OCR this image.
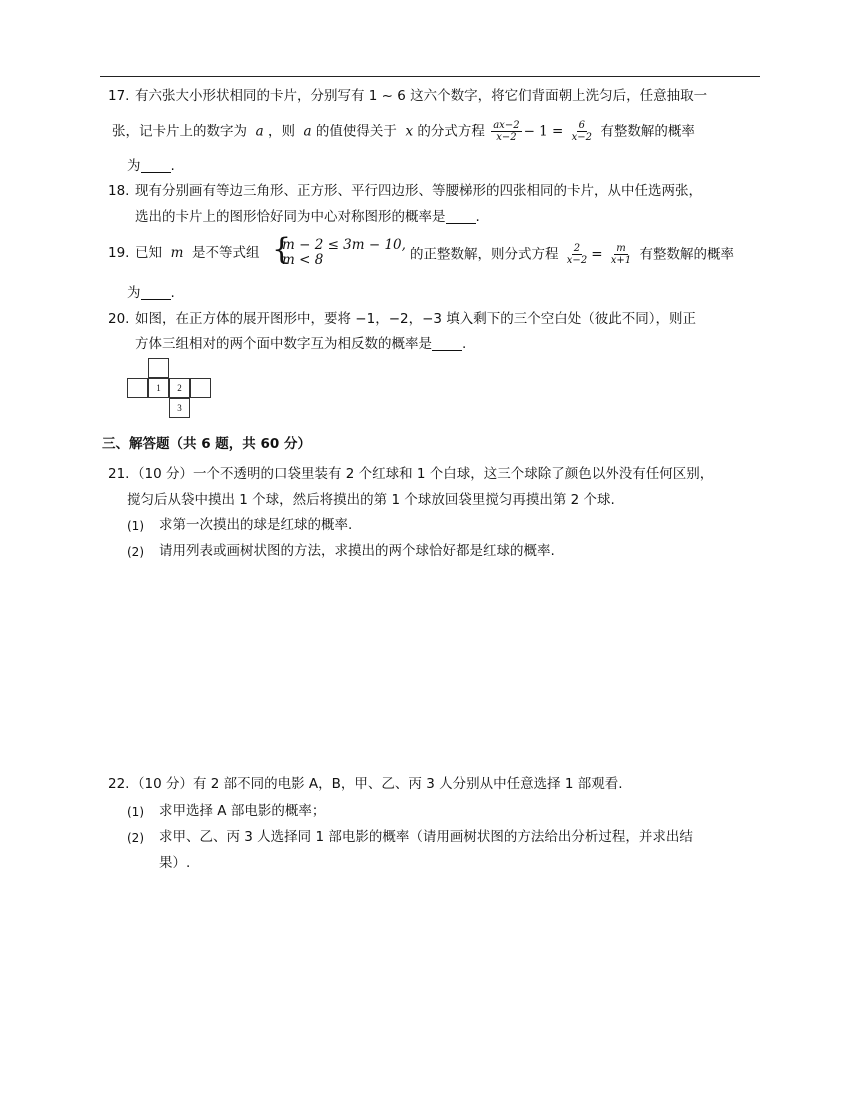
17. 有六张大小形状相同的卡片，分别写有 1 ~ 6 这六个数字，将它们背面朝上洗匀后，任意抽取一
张，记卡片上的数字为 a ，则 a 的值使得关于 x 的分式方程 $\frac{ax-2}{x-2} - 1 = \frac{6}{x-2}$ 有整数解的概率
为 .
18. 现有分别画有等边三角形、正方形、平行四边形、等腰梯形的四张相同的卡片，从中任选两张，
选出的卡片上的图形恰好同为中心对称图形的概率是 .
19. 已知 m 是不等式组 {
m − 2 ≤ 3m − 10,
m < 8	的正整数解，则分式方程 $\frac{2}{x-2} = \frac{m}{x+1}$ 有整数解的概率
为 .
20. 如图，在正方体的展开图形中，要将 −1，−2，−3 填入剩下的三个空白处（彼此不同），则正
方体三组相对的两个面中数字互为相反数的概率是 .
1	2
3
三、解答题（共 6 题，共 60 分）
21. （10 分）一个不透明的口袋里装有 2 个红球和 1 个白球，这三个球除了颜色以外没有任何区别，
搅匀后从袋中摸出 1 个球，然后将摸出的第 1 个球放回袋里搅匀再摸出第 2 个球.
(1) 求第一次摸出的球是红球的概率.
(2) 请用列表或画树状图的方法，求摸出的两个球恰好都是红球的概率.
22. （10 分）有 2 部不同的电影 A，B，甲、乙、丙 3 人分别从中任意选择 1 部观看.
(1) 求甲选择 A 部电影的概率；
(2) 求甲、乙、丙 3 人选择同 1 部电影的概率（请用画树状图的方法给出分析过程，并求出结
果）.
